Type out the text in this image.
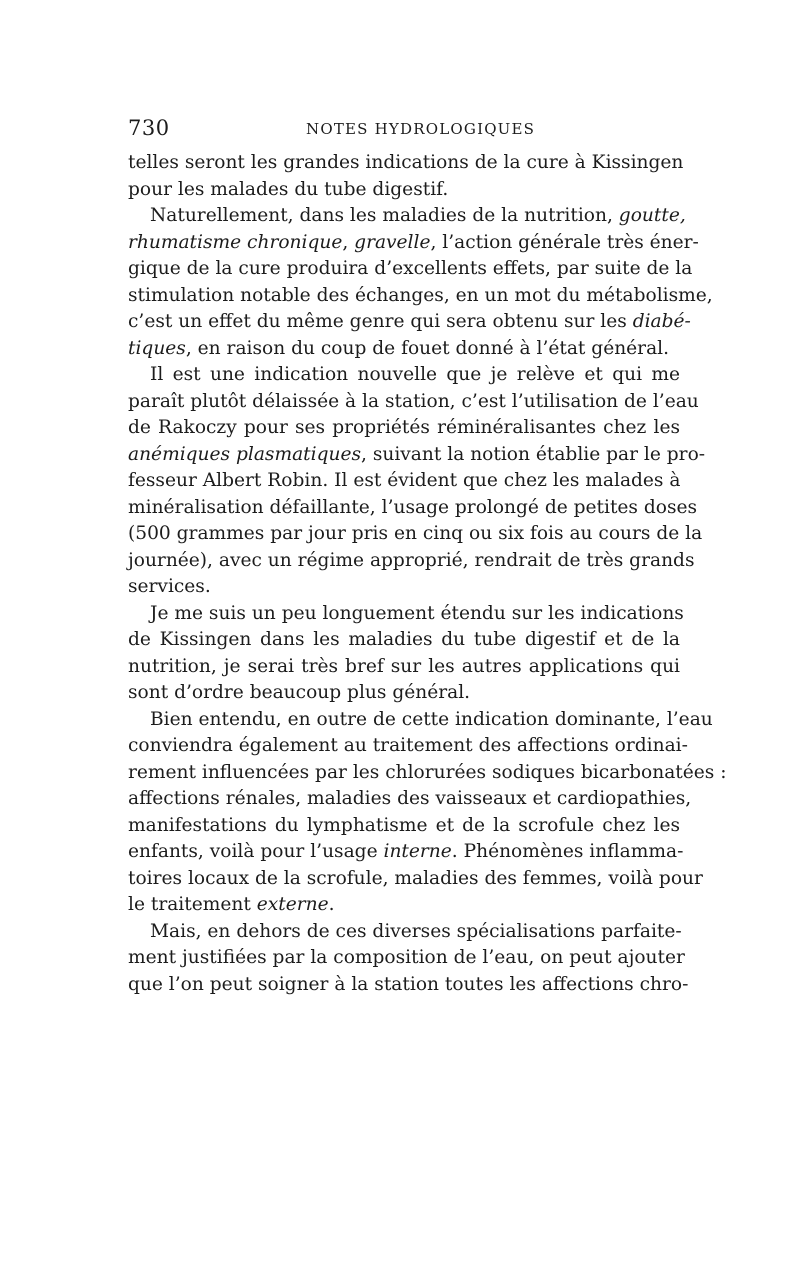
730	NOTES HYDROLOGIQUES
telles seront les grandes indications de la cure à Kissingen
pour les malades du tube digestif.
Naturellement, dans les maladies de la nutrition, goutte,
rhumatisme chronique, gravelle, l’action générale très éner-
gique de la cure produira d’excellents effets, par suite de la
stimulation notable des échanges, en un mot du métabolisme,
c’est un effet du même genre qui sera obtenu sur les diabé-
tiques, en raison du coup de fouet donné à l’état général.
Il est une indication nouvelle que je relève et qui me
paraît plutôt délaissée à la station, c’est l’utilisation de l’eau
de Rakoczy pour ses propriétés réminéralisantes chez les
anémiques plasmatiques, suivant la notion établie par le pro-
fesseur Albert Robin. Il est évident que chez les malades à
minéralisation défaillante, l’usage prolongé de petites doses
(500 grammes par jour pris en cinq ou six fois au cours de la
journée), avec un régime approprié, rendrait de très grands
services.
Je me suis un peu longuement étendu sur les indications
de Kissingen dans les maladies du tube digestif et de la
nutrition, je serai très bref sur les autres applications qui
sont d’ordre beaucoup plus général.
Bien entendu, en outre de cette indication dominante, l’eau
conviendra également au traitement des affections ordinai-
rement influencées par les chlorurées sodiques bicarbonatées :
affections rénales, maladies des vaisseaux et cardiopathies,
manifestations du lymphatisme et de la scrofule chez les
enfants, voilà pour l’usage interne. Phénomènes inflamma-
toires locaux de la scrofule, maladies des femmes, voilà pour
le traitement externe.
Mais, en dehors de ces diverses spécialisations parfaite-
ment justifiées par la composition de l’eau, on peut ajouter
que l’on peut soigner à la station toutes les affections chro-
